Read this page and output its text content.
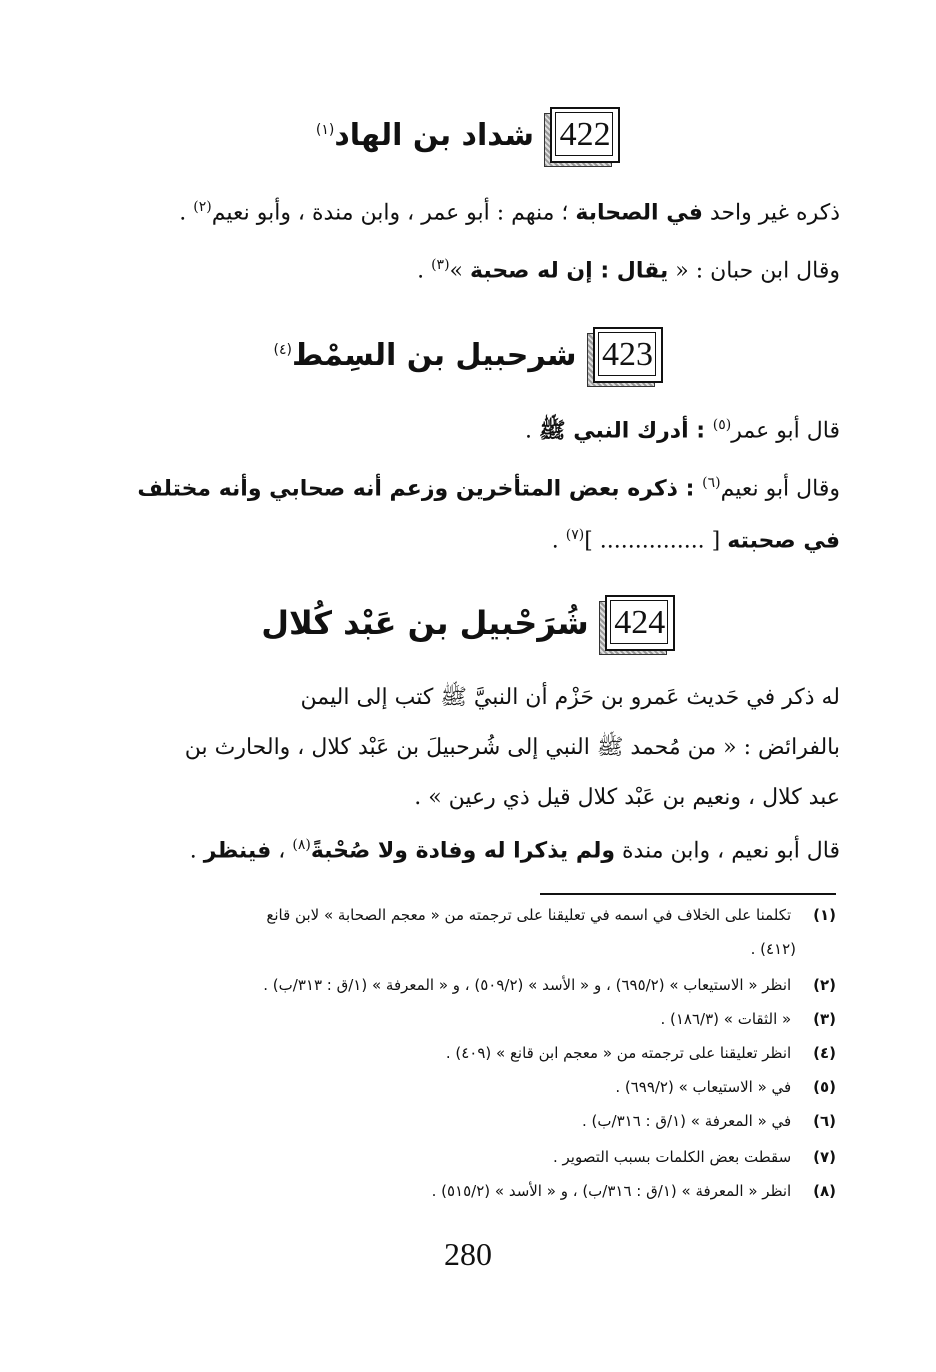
422
شداد بن الهاد$^{(١)}$
ذكره غير واحد في الصحابة ؛ منهم : أبو عمر ، وابن مندة ، وأبو نعيم$^{(٢)}$ .
وقال ابن حبان : « يقال : إن له صحبة »$^{(٣)}$ .
423
شرحبيل بن السِمْط$^{(٤)}$
قال أبو عمر$^{(٥)}$ : أدرك النبي ﷺ .
وقال أبو نعيم$^{(٦)}$ : ذكره بعض المتأخرين وزعم أنه صحابي وأنه مختلف
في صحبته [ ............... ]$^{(٧)}$ .
424
شُرَحْبيل بن عَبْد كُلال
له ذكر في حَديث عَمرو بن حَزْم أن النبيَّ ﷺ كتب إلى اليمن
بالفرائض : « من مُحمد ﷺ النبي إلى شُرحبيلَ بن عَبْد كلال ، والحارث بن
عبد كلال ، ونعيم بن عَبْد كلال قيل ذي رعين » .
قال أبو نعيم ، وابن مندة ولم يذكرا له وفادة ولا صُحْبةً$^{(٨)}$ ، فينظر .
(١) تكلمنا على الخلاف في اسمه في تعليقنا على ترجمته من « معجم الصحابة » لابن قانع
(٤١٢) .
(٢) انظر « الاستيعاب » (٦٩٥/٢) ، و « الأسد » (٥٠٩/٢) ، و « المعرفة » (١/ق : ٣١٣/ب) .
(٣) « الثقات » (١٨٦/٣) .
(٤) انظر تعليقنا على ترجمته من « معجم ابن قانع » (٤٠٩) .
(٥) في « الاستيعاب » (٦٩٩/٢) .
(٦) في « المعرفة » (١/ق : ٣١٦/ب) .
(٧) سقطت بعض الكلمات بسبب التصوير .
(٨) انظر « المعرفة » (١/ق : ٣١٦/ب) ، و « الأسد » (٥١٥/٢) .
280
